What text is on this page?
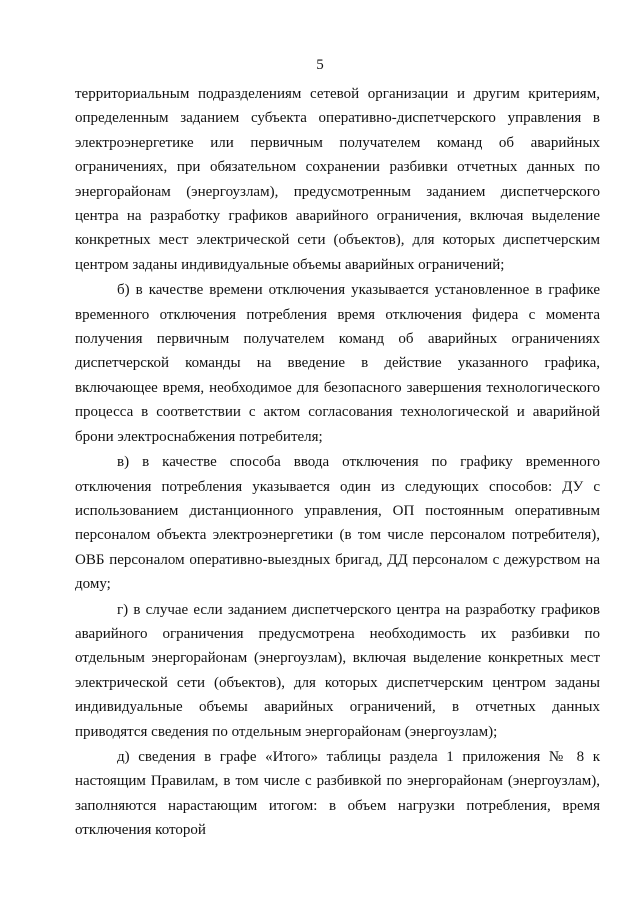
5

территориальным подразделениям сетевой организации и другим критериям, определенным заданием субъекта оперативно-диспетчерского управления в электроэнергетике или первичным получателем команд об аварийных ограничениях, при обязательном сохранении разбивки отчетных данных по энергорайонам (энергоузлам), предусмотренным заданием диспетчерского центра на разработку графиков аварийного ограничения, включая выделение конкретных мест электрической сети (объектов), для которых диспетчерским центром заданы индивидуальные объемы аварийных ограничений;

б) в качестве времени отключения указывается установленное в графике временного отключения потребления время отключения фидера с момента получения первичным получателем команд об аварийных ограничениях диспетчерской команды на введение в действие указанного графика, включающее время, необходимое для безопасного завершения технологического процесса в соответствии с актом согласования технологической и аварийной брони электроснабжения потребителя;

в) в качестве способа ввода отключения по графику временного отключения потребления указывается один из следующих способов: ДУ с использованием дистанционного управления, ОП постоянным оперативным персоналом объекта электроэнергетики (в том числе персоналом потребителя), ОВБ персоналом оперативно-выездных бригад, ДД персоналом с дежурством на дому;

г) в случае если заданием диспетчерского центра на разработку графиков аварийного ограничения предусмотрена необходимость их разбивки по отдельным энергорайонам (энергоузлам), включая выделение конкретных мест электрической сети (объектов), для которых диспетчерским центром заданы индивидуальные объемы аварийных ограничений, в отчетных данных приводятся сведения по отдельным энергорайонам (энергоузлам);

д) сведения в графе «Итого» таблицы раздела 1 приложения № 8 к настоящим Правилам, в том числе с разбивкой по энергорайонам (энергоузлам), заполняются нарастающим итогом: в объем нагрузки потребления, время отключения которой
